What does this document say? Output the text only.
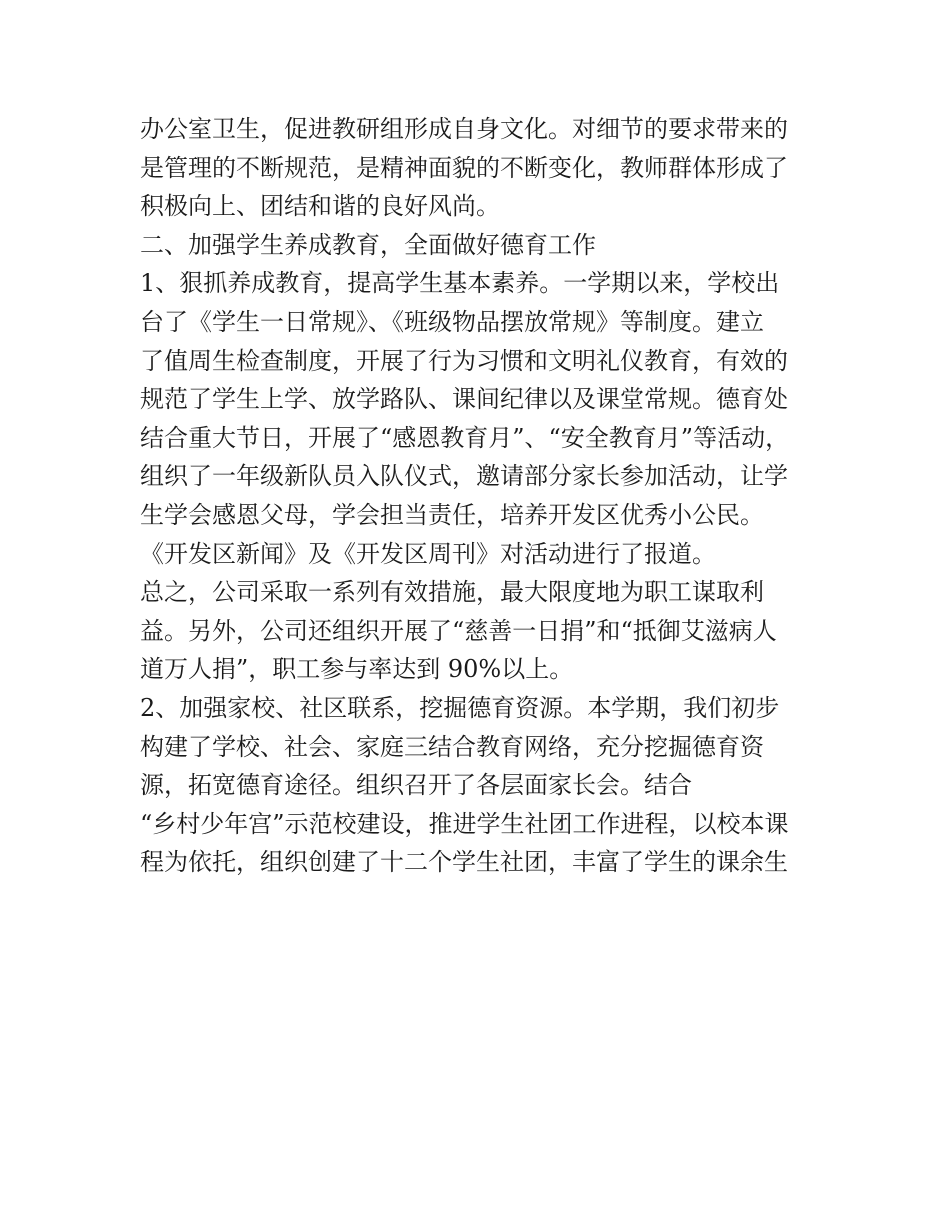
办公室卫生，促进教研组形成自身文化。对细节的要求带来的
是管理的不断规范，是精神面貌的不断变化，教师群体形成了
积极向上、团结和谐的良好风尚。
二、加强学生养成教育，全面做好德育工作
1、狠抓养成教育，提高学生基本素养。一学期以来，学校出
台了《学生一日常规》、《班级物品摆放常规》等制度。建立
了值周生检查制度，开展了行为习惯和文明礼仪教育，有效的
规范了学生上学、放学路队、课间纪律以及课堂常规。德育处
结合重大节日，开展了“感恩教育月”、“安全教育月”等活动，
组织了一年级新队员入队仪式，邀请部分家长参加活动，让学
生学会感恩父母，学会担当责任，培养开发区优秀小公民。
《开发区新闻》及《开发区周刊》对活动进行了报道。
总之，公司采取一系列有效措施，最大限度地为职工谋取利
益。另外，公司还组织开展了“慈善一日捐”和“抵御艾滋病人
道万人捐”，职工参与率达到 90%以上。
2、加强家校、社区联系，挖掘德育资源。本学期，我们初步
构建了学校、社会、家庭三结合教育网络，充分挖掘德育资
源，拓宽德育途径。组织召开了各层面家长会。结合
“乡村少年宫”示范校建设，推进学生社团工作进程，以校本课
程为依托，组织创建了十二个学生社团，丰富了学生的课余生
